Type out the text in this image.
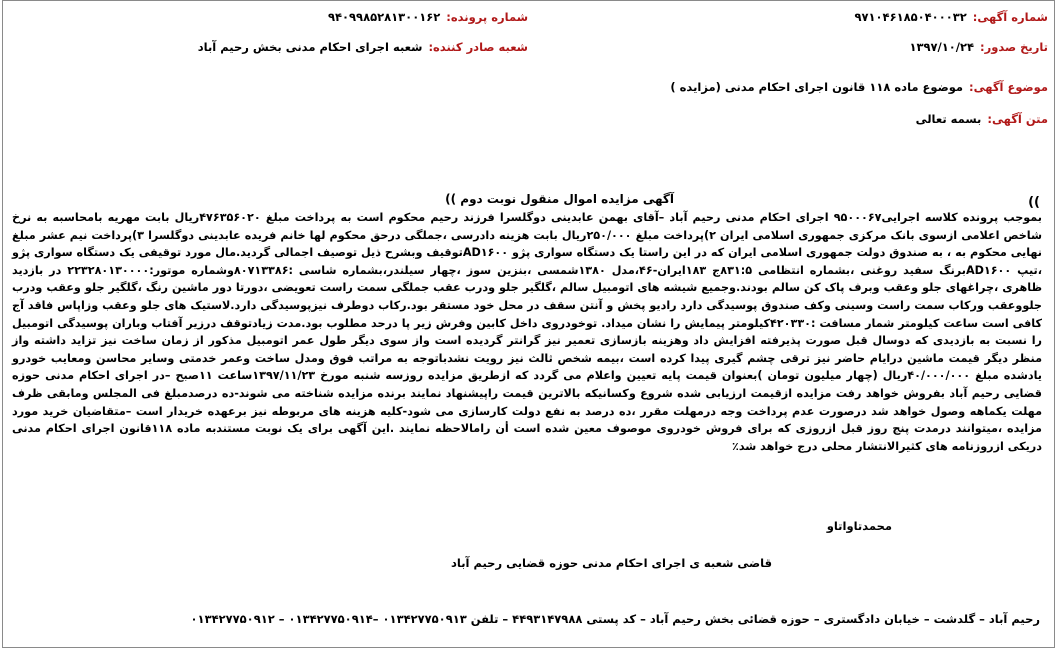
شماره آگهی:۹۷۱۰۴۶۱۸۵۰۴۰۰۰۳۲
شماره پرونده:۹۴۰۹۹۸۵۲۸۱۳۰۰۱۶۲
تاریخ صدور:۱۳۹۷/۱۰/۲۴
شعبه صادر کننده:شعبه اجرای احکام مدنی بخش رحیم آباد
موضوع آگهی:موضوع ماده ۱۱۸ قانون اجرای احکام مدنی (مزایده )
متن آگهی:بسمه تعالی
))
آگهی مزایده اموال منقول نوبت دوم ))

بموجب پرونده کلاسه اجرایی۹۵۰۰۰۶۷ اجرای احکام مدنی رحیم آباد –آقای بهمن عابدینی دوگلسرا فرزند رحیم محکوم است به پرداخت مبلغ ۴۷۶۳۵۶۰۲۰ریال بابت مهریه بامحاسبه به نرخ شاخص اعلامی ازسوی بانک مرکزی جمهوری اسلامی ایران ۲)پرداخت مبلغ ۲۵۰/۰۰۰ریال بابت هزینه دادرسی ،جملگی درحق محکوم لها خانم فریده عابدینی دوگلسرا ۳)پرداخت نیم عشر مبلغ نهایی محکوم به ، به صندوق دولت جمهوری اسلامی ایران که در این راستا یک دستگاه سواری پژو AD۱۶۰۰توقیف وبشرح ذیل توصیف اجمالی گردید.مال مورد توقیفی یک دستگاه سواری پژو ،تیپ AD۱۶۰۰برنگ سفید روغنی ،بشماره انتظامی ۸۳۱:۵ج ۱۸۳ایران-۴۶،مدل ۱۳۸۰شمسی ،بنزین سوز ،چهار سیلندر،بشماره شاسی :۸۰۷۱۳۳۸۶وشماره موتور:۲۲۳۲۸۰۱۳۰۰۰۰ در بازدید ظاهری ،چراغهای جلو وعقب وبرف پاک کن سالم بودند.وجمیع شیشه های اتومبیل سالم ،گلگیر جلو ودرب عقب جملگی سمت راست تعویضی ،دورتا دور ماشین رنگ ،گلگیر جلو وعقب ودرب جلووعقب ورکاب سمت راست وسینی وکف صندوق پوسیدگی دارد رادیو پخش و آنتن سقف در محل خود مستقر بود.رکاب دوطرف نیزپوسیدگی دارد.لاستیک های جلو وعقب وزاپاس فاقد آج کافی است ساعت کیلومتر شمار مسافت :۴۲۰۳۳۰کیلومتر پیمایش را نشان میداد. توخودروی داخل کابین وفرش زیر پا درحد مطلوب بود.مدت زیادتوقف درزیر آفتاب وباران پوسیدگی اتومبیل را نسبت به بازدیدی که دوسال قبل صورت پذیرفته افزایش داد وهزینه بازسازی تعمیر نیز گرانتر گردیده است واز سوی دیگر طول عمر اتومبیل مذکور از زمان ساخت نیز تزاید داشته واز منظر دیگر قیمت ماشین درایام حاضر نیز ترقی چشم گیری پیدا کرده است ،بیمه شخص ثالث نیز رویت نشدباتوجه به مراتب فوق ومدل ساخت وعمر خدمتی وسایر محاسن ومعایب خودرو یادشده مبلغ ۴۰/۰۰۰/۰۰۰ریال (چهار میلیون تومان )بعنوان قیمت پایه تعیین واعلام می گردد که ازطریق مزایده روزسه شنبه مورخ ۱۳۹۷/۱۱/۲۳ساعت ۱۱صبح –در اجرای احکام مدنی حوزه قضایی رحیم آباد بفروش خواهد رفت مزایده ازقیمت ارزیابی شده شروع وکسانیکه بالاترین قیمت راپیشنهاد نمایند برنده مزایده شناخته می شوند-ده درصدمبلغ فی المجلس ومابقی ظرف مهلت یکماهه وصول خواهد شد درصورت عدم پرداخت وجه درمهلت مقرر ،ده درصد به نفع دولت کارسازی می شود-کلیه هزینه های مربوطه نیز برعهده خریدار است –متقاضیان خرید مورد مزایده ،میتوانند درمدت پنج روز قبل ازروزی که برای فروش خودروی موصوف معین شده است أن رامالاحظه نمایند .این آگهی برای یک نوبت مستندبه ماده ۱۱۸قانون اجرای احکام مدنی دریکی ازروزنامه های کثیرالانتشار محلی درج خواهد شد٪

محمدتاواتاو
قاضی شعبه ی اجرای احکام مدنی حوزه قضایی رحیم آباد
رحیم آباد – گلدشت – خیابان دادگستری – حوزه قضائی بخش رحیم آباد – کد پستی ۴۴۹۳۱۴۷۹۸۸ – تلفن ۰۱۳۴۲۷۷۵۰۹۱۳ –۰۱۳۴۲۷۷۵۰۹۱۴ – ۰۱۳۴۲۷۷۵۰۹۱۲
